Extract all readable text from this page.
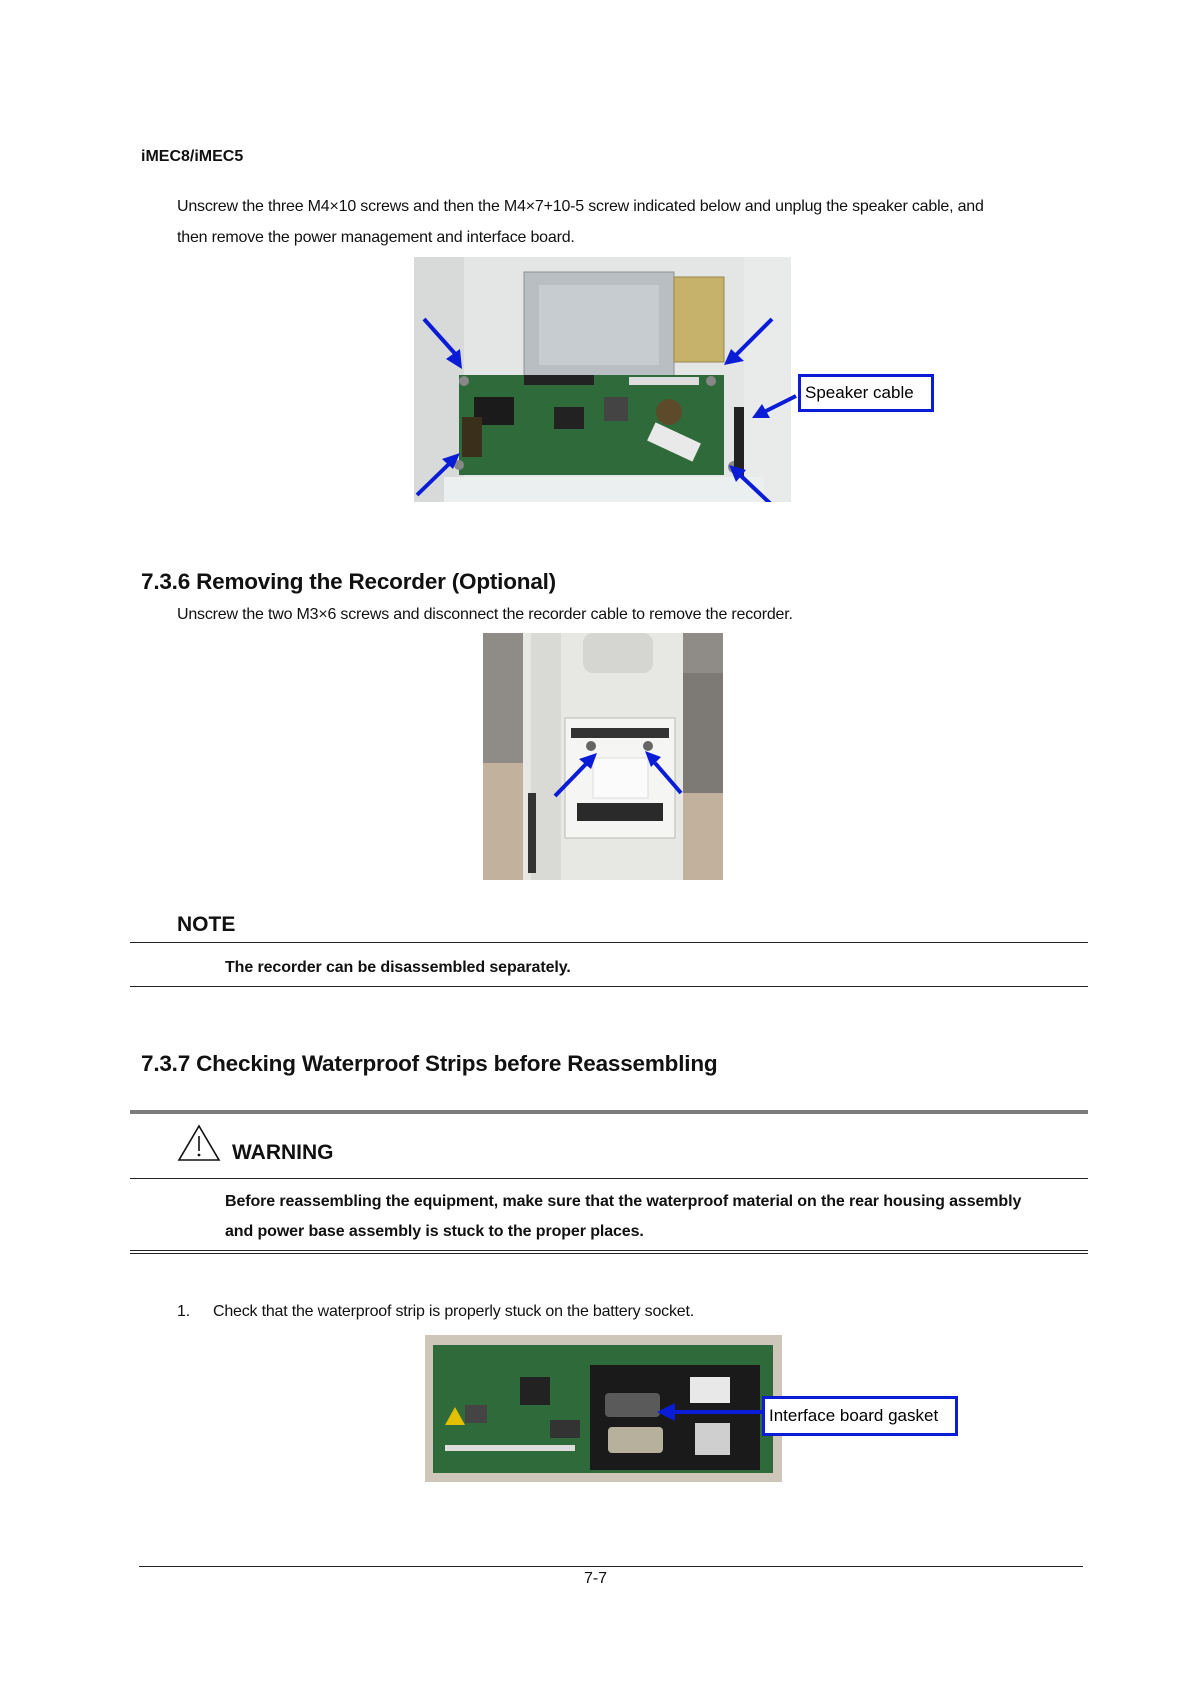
iMEC8/iMEC5
Unscrew the three M4×10 screws and then the M4×7+10-5 screw indicated below and unplug the speaker cable, and
then remove the power management and interface board.
Speaker cable
7.3.6 Removing the Recorder (Optional)
Unscrew the two M3×6 screws and disconnect the recorder cable to remove the recorder.
NOTE
The recorder can be disassembled separately.
7.3.7 Checking Waterproof Strips before Reassembling
WARNING
Before reassembling the equipment, make sure that the waterproof material on the rear housing assembly
and power base assembly is stuck to the proper places.
1. Check that the waterproof strip is properly stuck on the battery socket.
Interface board gasket
7-7
